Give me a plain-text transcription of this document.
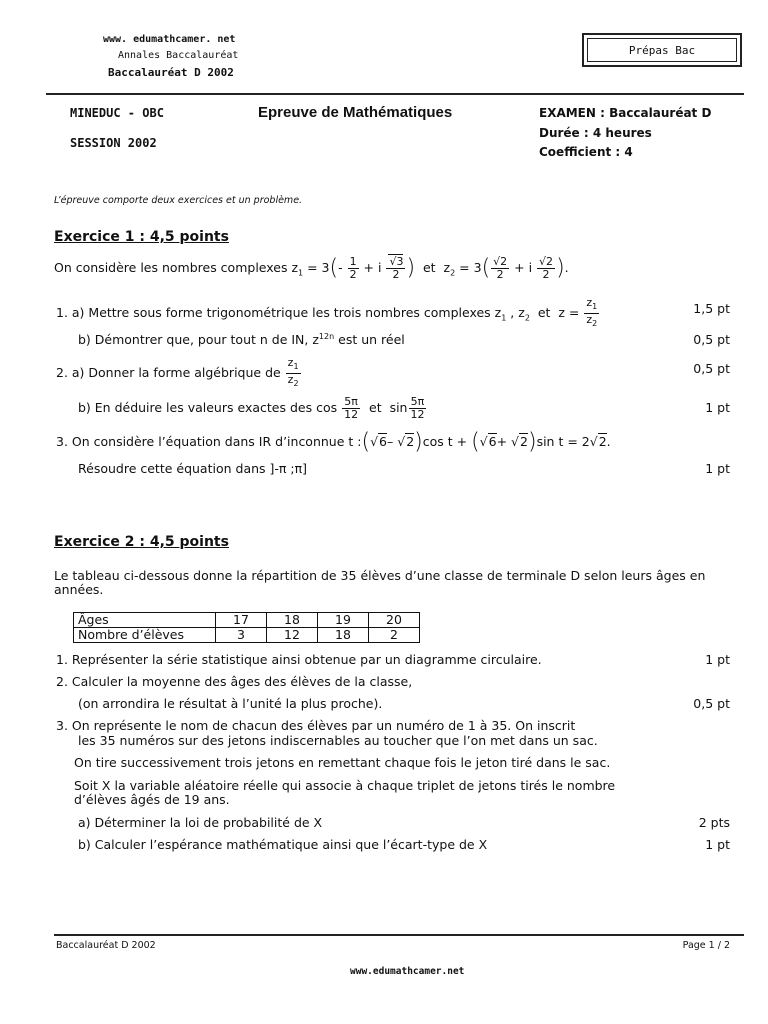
www. edumathcamer. net
Annales Baccalauréat
Baccalauréat D 2002
Prépas Bac
MINEDUC - OBC
SESSION 2002
Epreuve de Mathématiques	EXAMEN : Baccalauréat D
Durée : 4 heures
Coefficient : 4
L’épreuve comporte deux exercices et un problème.
Exercice 1 : 4,5 points
On considère les nombres complexes $z_1 = 3(- \frac{1}{2} + i \frac{√3}{2}$ )  et  $z_2 = 3( \frac{√2}{2} + i \frac{√2}{2}$ ).
1. a) Mettre sous forme trigonométrique les trois nombres complexes $z_1$ , $z_2$  et  $z = \frac{z_1}{z_2}$	1,5 pt
b) Démontrer que, pour tout n de IN, $z^{12n}$ est un réel	0,5 pt
2. a) Donner la forme algébrique de $\frac{z_1}{z_2}$	0,5 pt
b) En déduire les valeurs exactes des $\cos \frac{5\pi}{12}$ et  $\sin \frac{5\pi}{12}$	1 pt
3. On considère l’équation dans IR d’inconnue t :(√6– √2)cos t + (√6+ √2)sin t = 2√2.
Résoudre cette équation dans ]-π ;π]	1 pt
Exercice 2 : 4,5 points
Le tableau ci-dessous donne la répartition de 35 élèves d’une classe de terminale D selon leurs âges en
années.
Âges	17	18	19	20
Nombre d’élèves	3	12	18	2
1. Représenter la série statistique ainsi obtenue par un diagramme circulaire.	1 pt
2. Calculer la moyenne des âges des élèves de la classe,
(on arrondira le résultat à l’unité la plus proche).	0,5 pt
3. On représente le nom de chacun des élèves par un numéro de 1 à 35. On inscrit
les 35 numéros sur des jetons indiscernables au toucher que l’on met dans un sac.
On tire successivement trois jetons en remettant chaque fois le jeton tiré dans le sac.
Soit X la variable aléatoire réelle qui associe à chaque triplet de jetons tirés le nombre
d’élèves âgés de 19 ans.
a) Déterminer la loi de probabilité de X	2 pts
b) Calculer l’espérance mathématique ainsi que l’écart-type de X	1 pt
Baccalauréat D 2002	Page 1 / 2
www.edumathcamer.net
